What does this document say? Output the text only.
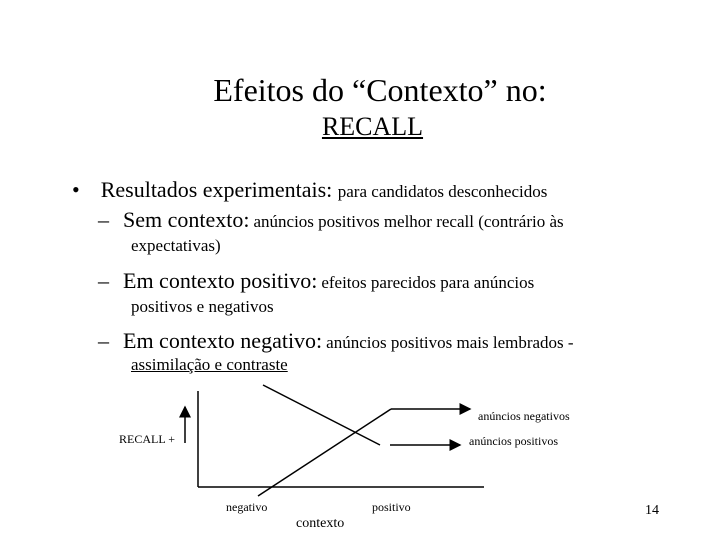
Efeitos do “Contexto” no:
RECALL
• Resultados experimentais: para candidatos desconhecidos
– Sem contexto: anúncios positivos melhor recall (contrário às
expectativas)
– Em contexto positivo: efeitos parecidos para anúncios
positivos e negativos
– Em contexto negativo: anúncios positivos mais lembrados -
assimilação e contraste
anúncios negativos
anúncios positivos
RECALL +
negativo	positivo
contexto
14
